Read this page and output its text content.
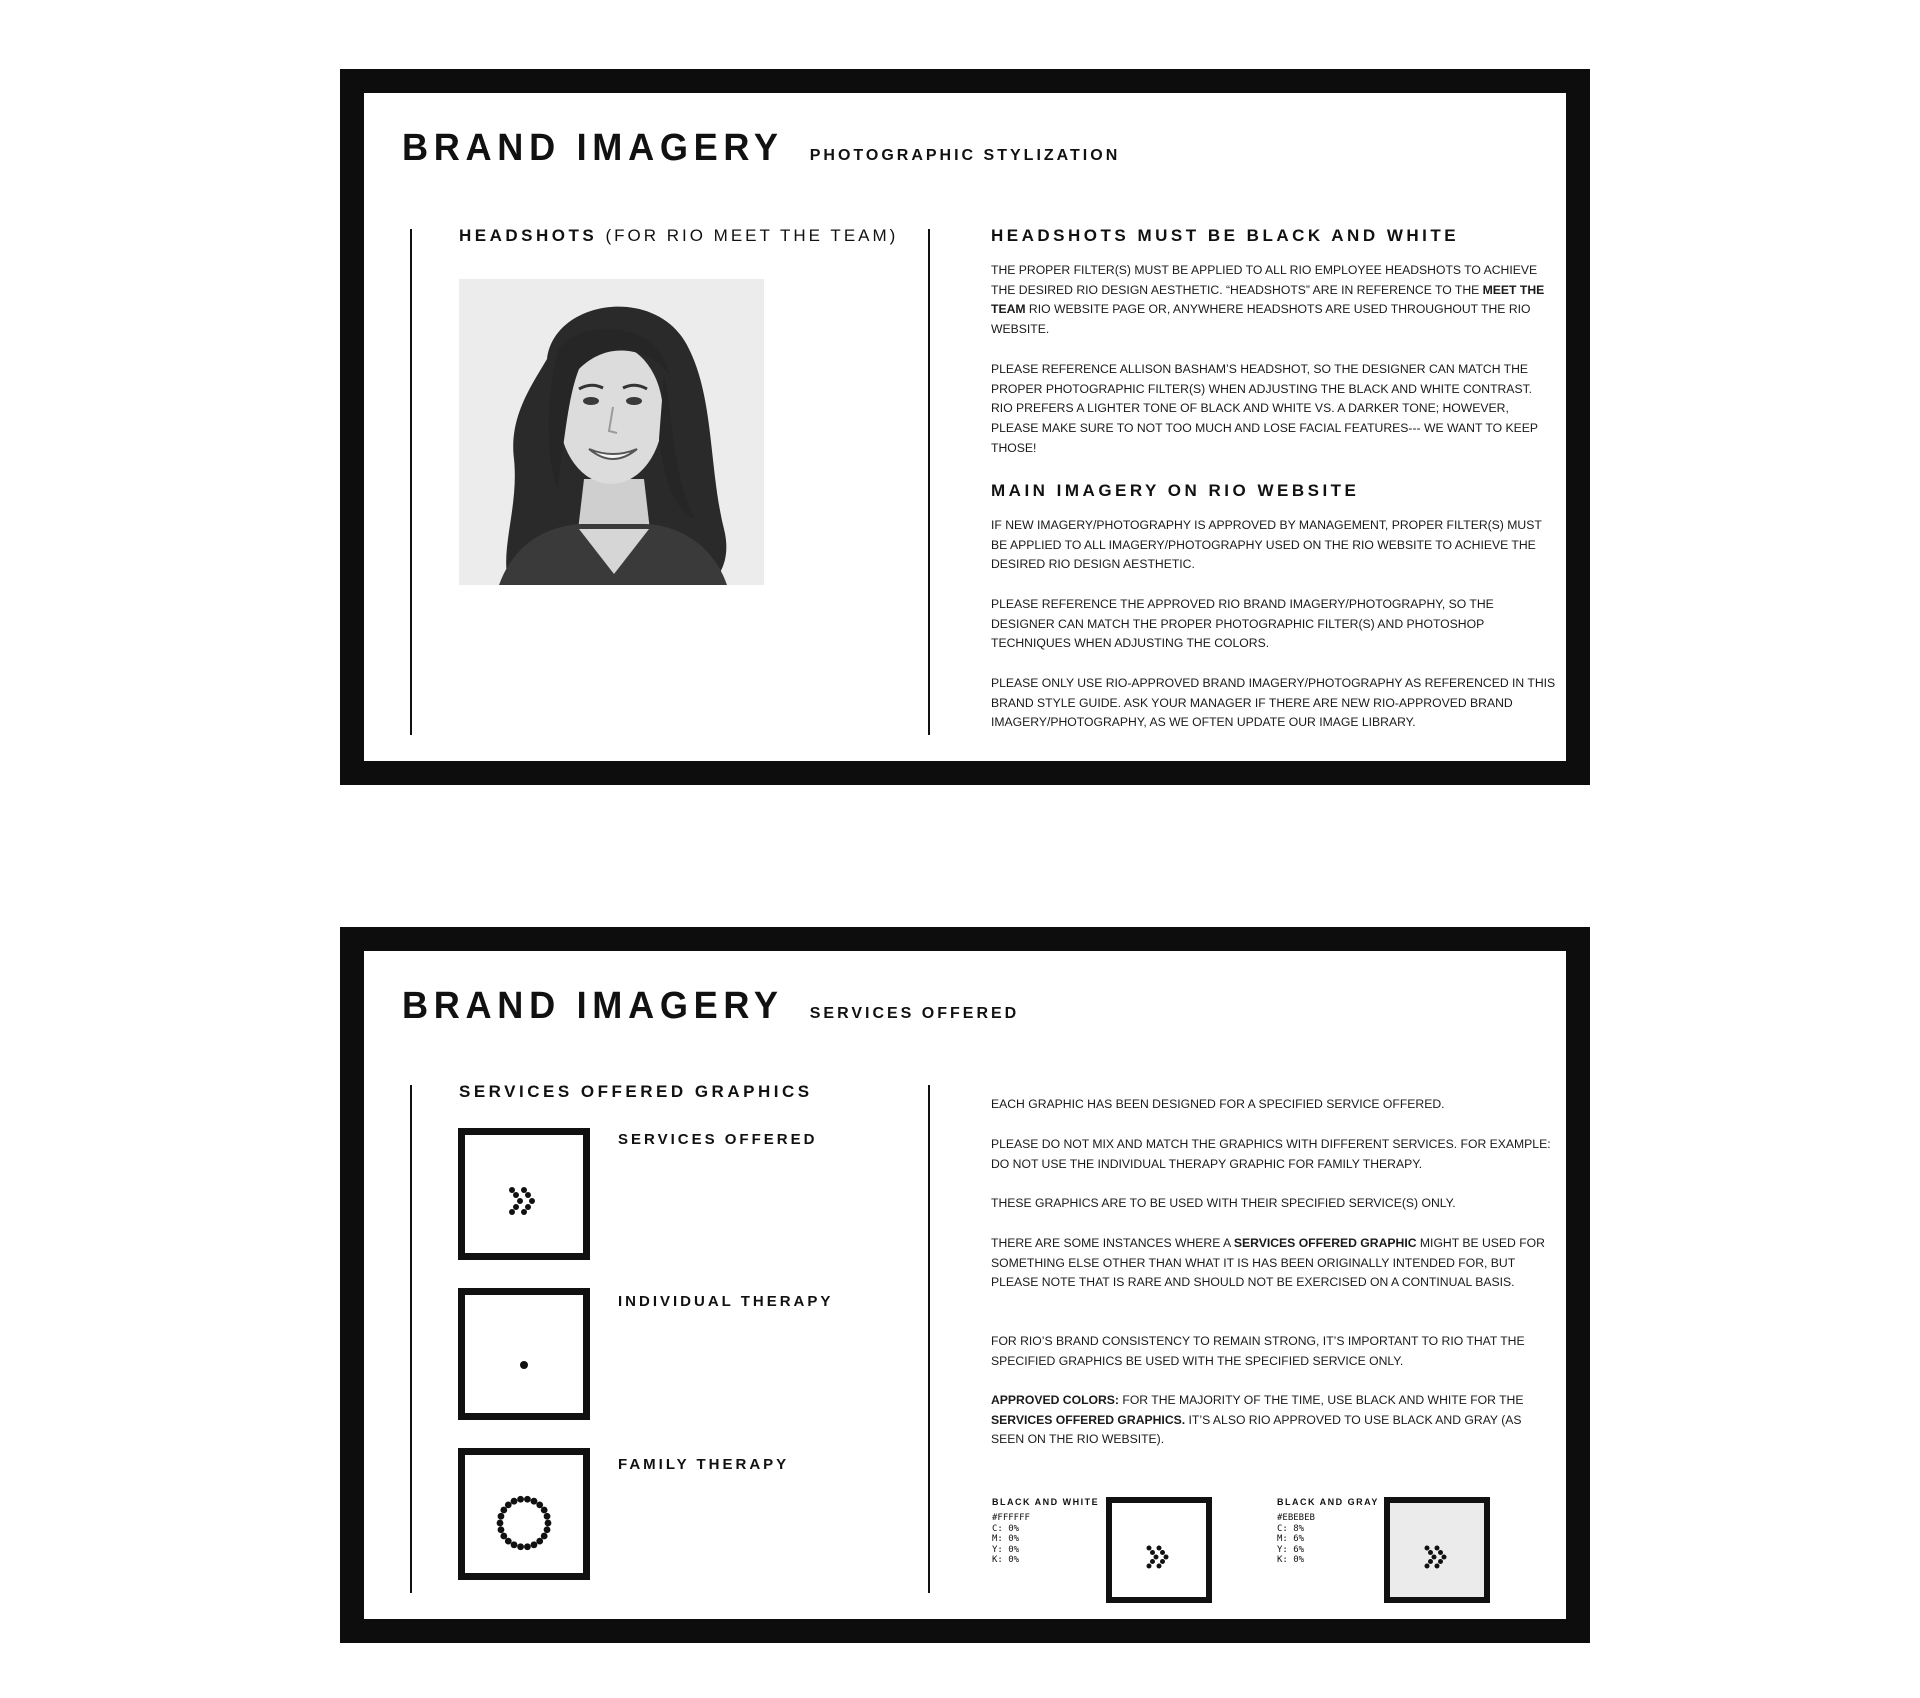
BRAND IMAGERY PHOTOGRAPHIC STYLIZATION
HEADSHOTS (FOR RIO MEET THE TEAM)	HEADSHOTS MUST BE BLACK AND WHITE
THE PROPER FILTER(S) MUST BE APPLIED TO ALL RIO EMPLOYEE HEADSHOTS TO ACHIEVE THE DESIRED RIO DESIGN AESTHETIC. “HEADSHOTS” ARE IN REFERENCE TO THE MEET THE TEAM RIO WEBSITE PAGE OR, ANYWHERE HEADSHOTS ARE USED THROUGHOUT THE RIO WEBSITE.
PLEASE REFERENCE ALLISON BASHAM’S HEADSHOT, SO THE DESIGNER CAN MATCH THE PROPER PHOTOGRAPHIC FILTER(S) WHEN ADJUSTING THE BLACK AND WHITE CONTRAST. RIO PREFERS A LIGHTER TONE OF BLACK AND WHITE VS. A DARKER TONE; HOWEVER, PLEASE MAKE SURE TO NOT TOO MUCH AND LOSE FACIAL FEATURES--- WE WANT TO KEEP THOSE!
MAIN IMAGERY ON RIO WEBSITE
IF NEW IMAGERY/PHOTOGRAPHY IS APPROVED BY MANAGEMENT, PROPER FILTER(S) MUST BE APPLIED TO ALL IMAGERY/PHOTOGRAPHY USED ON THE RIO WEBSITE TO ACHIEVE THE DESIRED RIO DESIGN AESTHETIC.
PLEASE REFERENCE THE APPROVED RIO BRAND IMAGERY/PHOTOGRAPHY, SO THE DESIGNER CAN MATCH THE PROPER PHOTOGRAPHIC FILTER(S) AND PHOTOSHOP TECHNIQUES WHEN ADJUSTING THE COLORS.
PLEASE ONLY USE RIO-APPROVED BRAND IMAGERY/PHOTOGRAPHY AS REFERENCED IN THIS BRAND STYLE GUIDE. ASK YOUR MANAGER IF THERE ARE NEW RIO-APPROVED BRAND IMAGERY/PHOTOGRAPHY, AS WE OFTEN UPDATE OUR IMAGE LIBRARY.
BRAND IMAGERY SERVICES OFFERED
SERVICES OFFERED GRAPHICS
SERVICES OFFERED
INDIVIDUAL THERAPY
FAMILY THERAPY
EACH GRAPHIC HAS BEEN DESIGNED FOR A SPECIFIED SERVICE OFFERED.
PLEASE DO NOT MIX AND MATCH THE GRAPHICS WITH DIFFERENT SERVICES. FOR EXAMPLE: DO NOT USE THE INDIVIDUAL THERAPY GRAPHIC FOR FAMILY THERAPY.
THESE GRAPHICS ARE TO BE USED WITH THEIR SPECIFIED SERVICE(S) ONLY.
THERE ARE SOME INSTANCES WHERE A SERVICES OFFERED GRAPHIC MIGHT BE USED FOR SOMETHING ELSE OTHER THAN WHAT IT IS HAS BEEN ORIGINALLY INTENDED FOR, BUT PLEASE NOTE THAT IS RARE AND SHOULD NOT BE EXERCISED ON A CONTINUAL BASIS.
FOR RIO’S BRAND CONSISTENCY TO REMAIN STRONG, IT’S IMPORTANT TO RIO THAT THE SPECIFIED GRAPHICS BE USED WITH THE SPECIFIED SERVICE ONLY.
APPROVED COLORS: FOR THE MAJORITY OF THE TIME, USE BLACK AND WHITE FOR THE SERVICES OFFERED GRAPHICS. IT’S ALSO RIO APPROVED TO USE BLACK AND GRAY (AS SEEN ON THE RIO WEBSITE).
BLACK AND WHITE
#FFFFFF
C: 0%
M: 0%
Y: 0%
K: 0%
BLACK AND GRAY
#EBEBEB
C: 8%
M: 6%
Y: 6%
K: 0%
